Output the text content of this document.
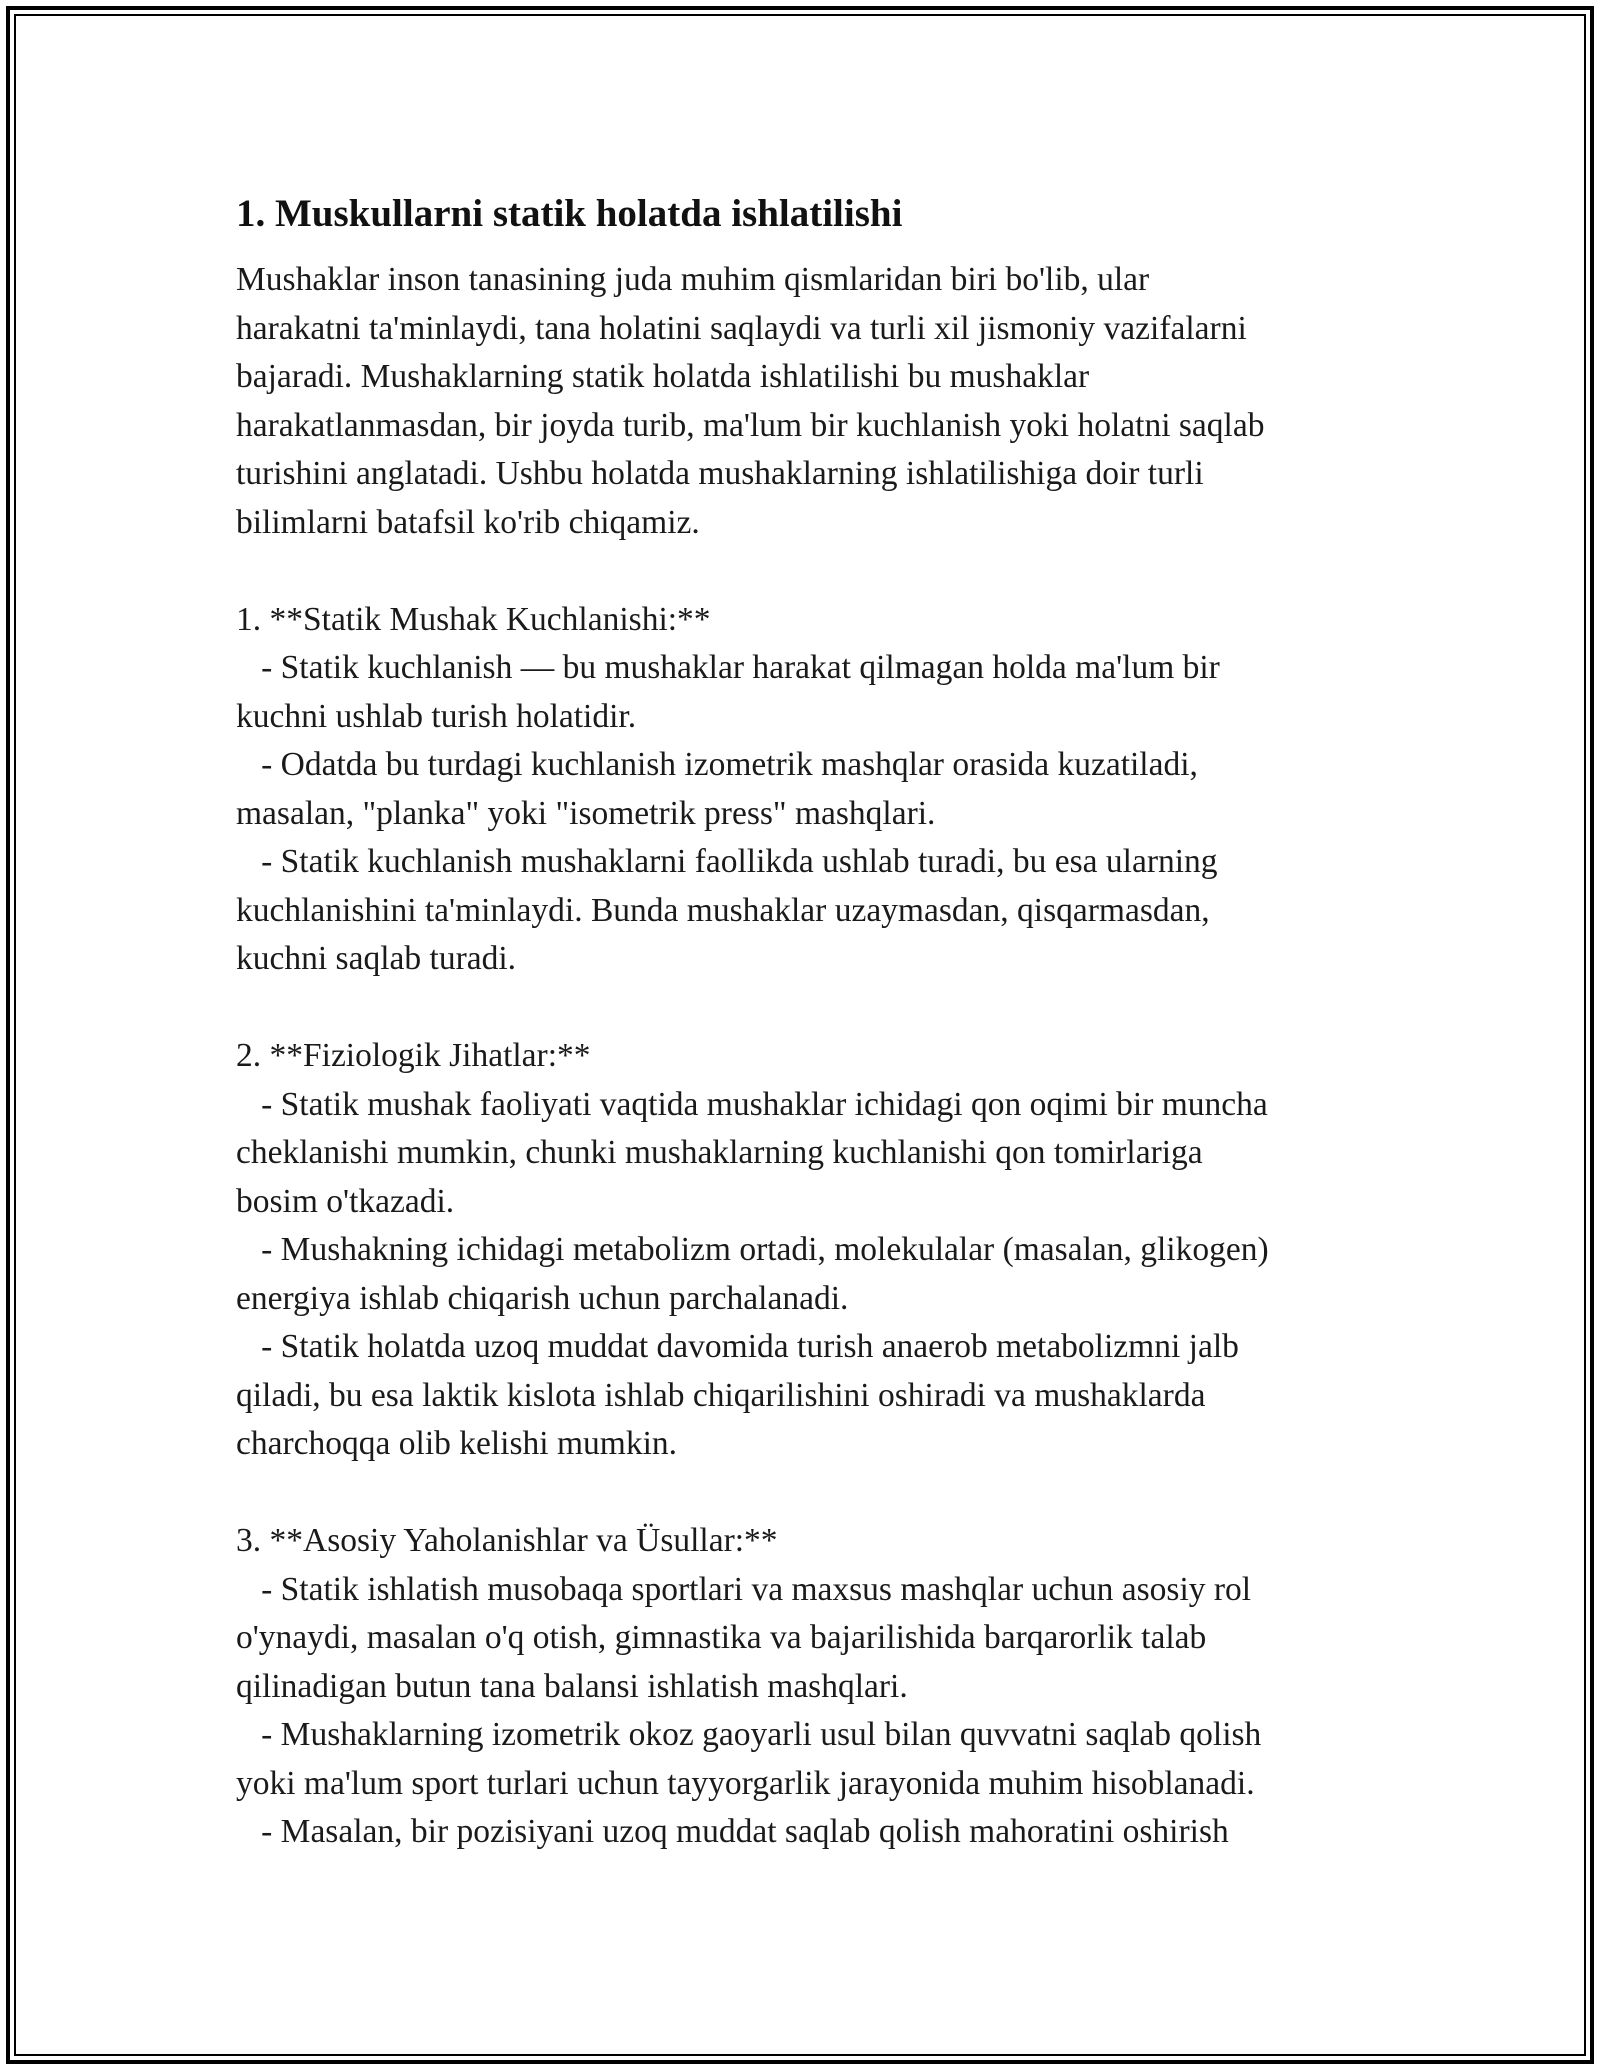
1. Muskullarni statik holatda ishlatilishi
Mushaklar inson tanasining juda muhim qismlaridan biri bo'lib, ular
harakatni ta'minlaydi, tana holatini saqlaydi va turli xil jismoniy vazifalarni
bajaradi. Mushaklarning statik holatda ishlatilishi bu mushaklar
harakatlanmasdan, bir joyda turib, ma'lum bir kuchlanish yoki holatni saqlab
turishini anglatadi. Ushbu holatda mushaklarning ishlatilishiga doir turli
bilimlarni batafsil ko'rib chiqamiz.
1. **Statik Mushak Kuchlanishi:**
- Statik kuchlanish — bu mushaklar harakat qilmagan holda ma'lum bir
kuchni ushlab turish holatidir.
- Odatda bu turdagi kuchlanish izometrik mashqlar orasida kuzatiladi,
masalan, "planka" yoki "isometrik press" mashqlari.
- Statik kuchlanish mushaklarni faollikda ushlab turadi, bu esa ularning
kuchlanishini ta'minlaydi. Bunda mushaklar uzaymasdan, qisqarmasdan,
kuchni saqlab turadi.
2. **Fiziologik Jihatlar:**
- Statik mushak faoliyati vaqtida mushaklar ichidagi qon oqimi bir muncha
cheklanishi mumkin, chunki mushaklarning kuchlanishi qon tomirlariga
bosim o'tkazadi.
- Mushakning ichidagi metabolizm ortadi, molekulalar (masalan, glikogen)
energiya ishlab chiqarish uchun parchalanadi.
- Statik holatda uzoq muddat davomida turish anaerob metabolizmni jalb
qiladi, bu esa laktik kislota ishlab chiqarilishini oshiradi va mushaklarda
charchoqqa olib kelishi mumkin.
3. **Asosiy Yaholanishlar va Üsullar:**
- Statik ishlatish musobaqa sportlari va maxsus mashqlar uchun asosiy rol
o'ynaydi, masalan o'q otish, gimnastika va bajarilishida barqarorlik talab
qilinadigan butun tana balansi ishlatish mashqlari.
- Mushaklarning izometrik okoz gaoyarli usul bilan quvvatni saqlab qolish
yoki ma'lum sport turlari uchun tayyorgarlik jarayonida muhim hisoblanadi.
- Masalan, bir pozisiyani uzoq muddat saqlab qolish mahoratini oshirish
